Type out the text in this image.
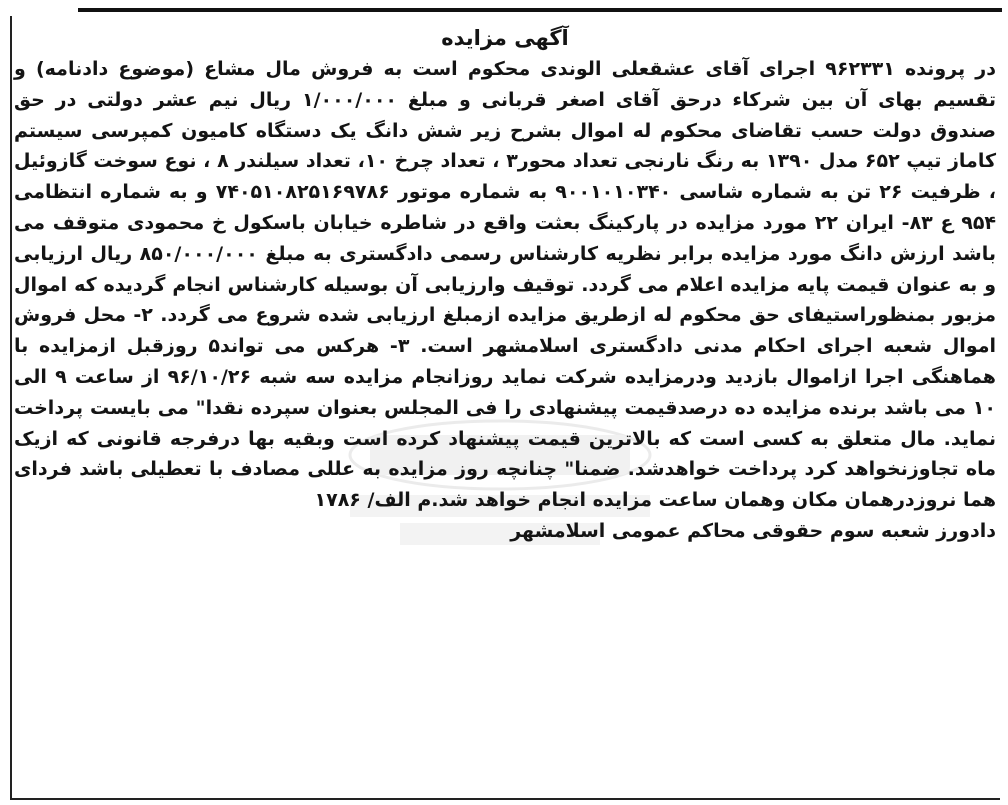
آگهی مزایده

در پرونده ۹۶۲۳۳۱ اجرای آقای عشقعلی الوندی محکوم است به فروش مال مشاع (موضوع دادنامه) و تقسیم بهای آن بین شرکاء درحق آقای اصغر قربانی و مبلغ ۱/۰۰۰/۰۰۰ ریال نیم عشر دولتی در حق صندوق دولت حسب تقاضای محکوم له اموال بشرح زیر شش دانگ یک دستگاه کامیون کمپرسی سیستم کاماز تیپ ۶۵۲ مدل ۱۳۹۰ به رنگ نارنجی تعداد محور۳ ، تعداد چرخ ۱۰، تعداد سیلندر ۸ ، نوع سوخت گازوئیل ، ظرفیت ۲۶ تن به شماره شاسی ۹۰۰۱۰۱۰۳۴۰ به شماره موتور ۷۴۰۵۱۰۸۲۵۱۶۹۷۸۶ و به شماره انتظامی ۹۵۴ ع ۸۳- ایران ۲۲ مورد مزایده در پارکینگ بعثت واقع در شاطره خیابان باسکول خ محمودی متوقف می باشد ارزش دانگ مورد مزایده برابر نظریه کارشناس رسمی دادگستری به مبلغ ۸۵۰/۰۰۰/۰۰۰ ریال ارزیابی و به عنوان قیمت پایه مزایده اعلام می گردد. توقیف وارزیابی آن بوسیله کارشناس انجام گردیده که اموال مزبور بمنظوراستیفای حق محکوم له ازطریق مزایده ازمبلغ ارزیابی شده شروع می گردد. ۲- محل فروش اموال شعبه اجرای احکام مدنی دادگستری اسلامشهر است. ۳- هرکس می تواند۵ روزقبل ازمزایده با هماهنگی اجرا ازاموال بازدید ودرمزایده شرکت نماید روزانجام مزایده سه شبه ۹۶/۱۰/۲۶ از ساعت ۹ الی ۱۰ می باشد برنده مزایده ده درصدقیمت پیشنهادی را فی المجلس بعنوان سپرده نقدا" می بایست پرداخت نماید. مال متعلق به کسی است که بالاترین قیمت پیشنهاد کرده است وبقیه بها درفرجه قانونی که ازیک ماه تجاوزنخواهد کرد پرداخت خواهدشد. ضمنا" چنانچه روز مزایده به عللی مصادف با تعطیلی باشد فردای هما نروزدرهمان مکان وهمان ساعت مزایده انجام خواهد شد.م الف/ ۱۷۸۶

دادورز شعبه سوم حقوقی محاکم عمومی اسلامشهر
